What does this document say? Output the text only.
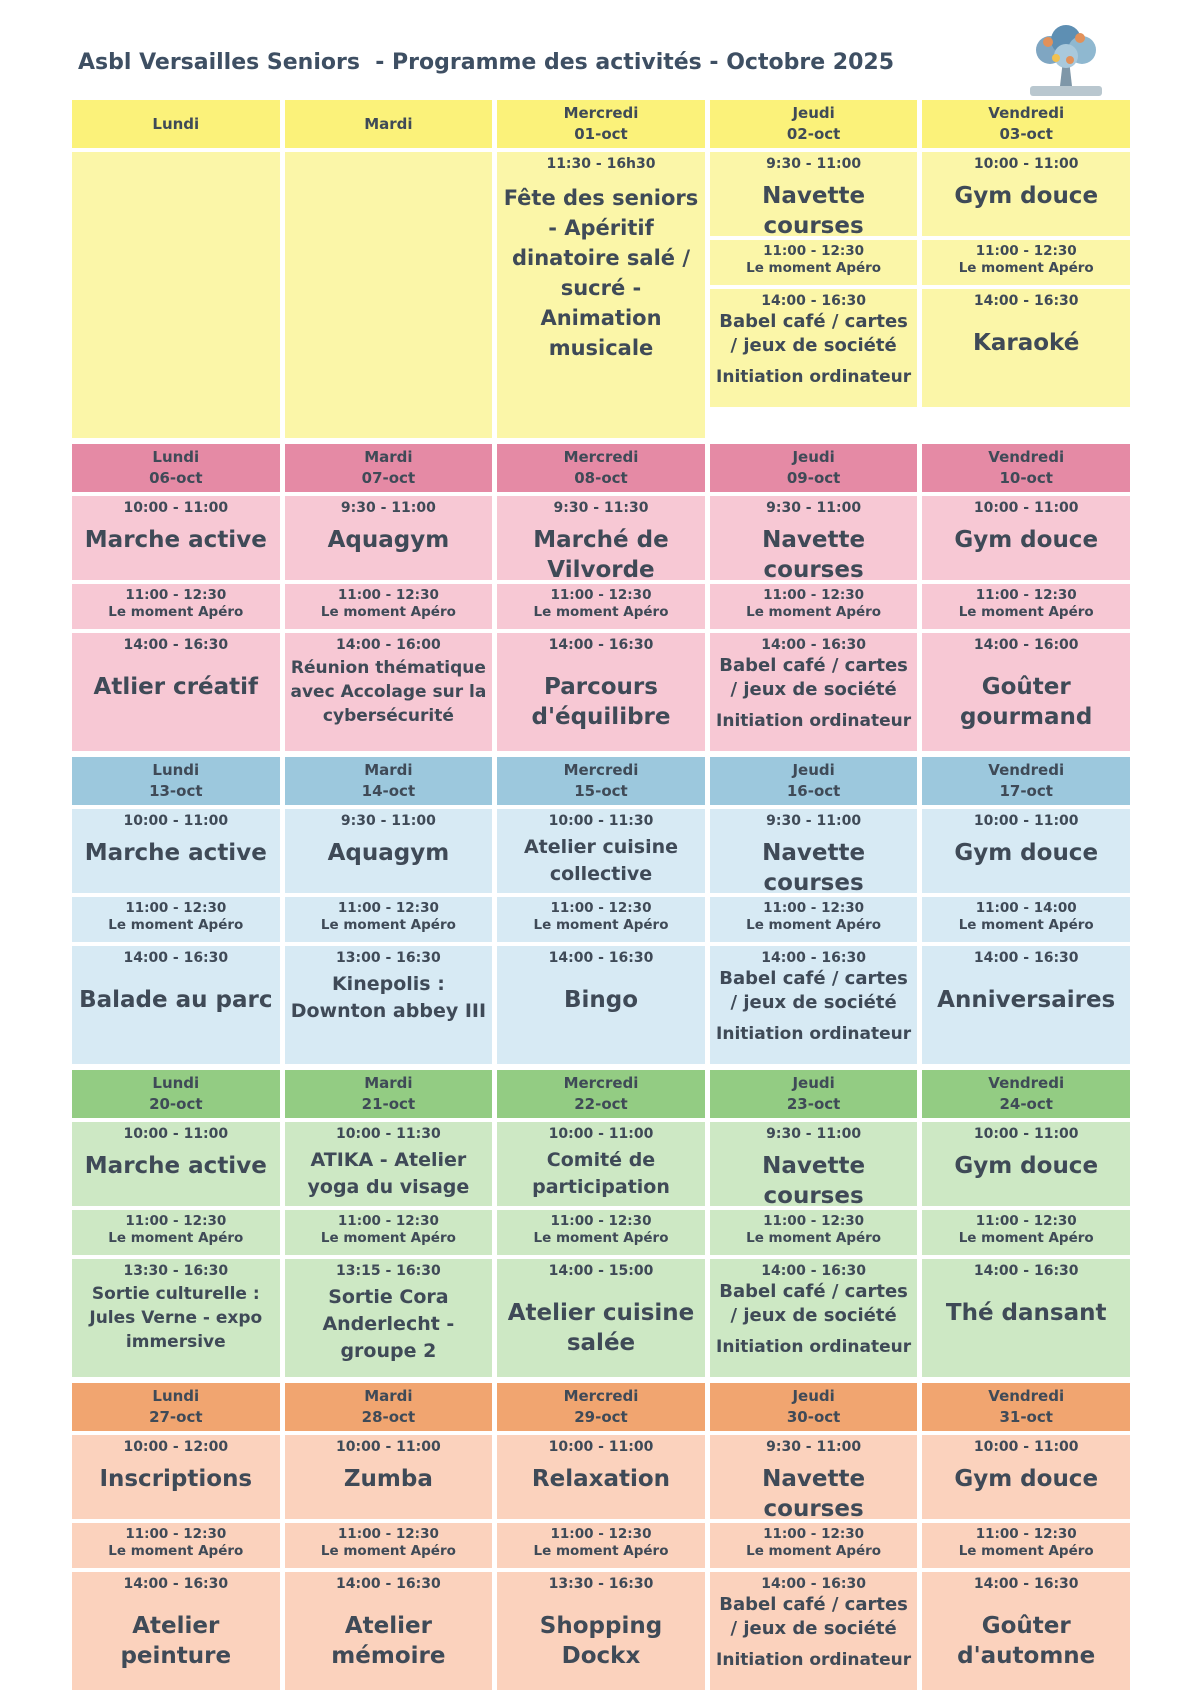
Asbl Versailles Seniors  - Programme des activités - Octobre 2025
Lundi	Mardi
Mercredi
01-oct
Jeudi
02-oct
Vendredi
03-oct
11:30 - 16h30
Fête des seniors - Apéritif dinatoire salé / sucré - Animation musicale
9:30 - 11:00
Navette courses
11:00 - 12:30
Le moment Apéro
14:00 - 16:30
Babel café / cartes / jeux de société
Initiation ordinateur
10:00 - 11:00
Gym douce
11:00 - 12:30
Le moment Apéro
14:00 - 16:30
Karaoké
Lundi
06-oct
Mardi
07-oct
Mercredi
08-oct
Jeudi
09-oct
Vendredi
10-oct
10:00 - 11:00
Marche active
11:00 - 12:30
Le moment Apéro
14:00 - 16:30
Atlier créatif
9:30 - 11:00
Aquagym
11:00 - 12:30
Le moment Apéro
14:00 - 16:00
Réunion thématique avec Accolage sur la cybersécurité
9:30 - 11:30
Marché de Vilvorde
11:00 - 12:30
Le moment Apéro
14:00 - 16:30
Parcours d'équilibre
9:30 - 11:00
Navette courses
11:00 - 12:30
Le moment Apéro
14:00 - 16:30
Babel café / cartes / jeux de société
Initiation ordinateur
10:00 - 11:00
Gym douce
11:00 - 12:30
Le moment Apéro
14:00 - 16:00
Goûter gourmand
Lundi
13-oct
Mardi
14-oct
Mercredi
15-oct
Jeudi
16-oct
Vendredi
17-oct
10:00 - 11:00
Marche active
11:00 - 12:30
Le moment Apéro
14:00 - 16:30
Balade au parc
9:30 - 11:00
Aquagym
11:00 - 12:30
Le moment Apéro
13:00 - 16:30
Kinepolis : Downton abbey III
10:00 - 11:30
Atelier cuisine collective
11:00 - 12:30
Le moment Apéro
14:00 - 16:30
Bingo
9:30 - 11:00
Navette courses
11:00 - 12:30
Le moment Apéro
14:00 - 16:30
Babel café / cartes / jeux de société
Initiation ordinateur
10:00 - 11:00
Gym douce
11:00 - 14:00
Le moment Apéro
14:00 - 16:30
Anniversaires
Lundi
20-oct
Mardi
21-oct
Mercredi
22-oct
Jeudi
23-oct
Vendredi
24-oct
10:00 - 11:00
Marche active
11:00 - 12:30
Le moment Apéro
13:30 - 16:30
Sortie culturelle : Jules Verne - expo immersive
10:00 - 11:30
ATIKA - Atelier yoga du visage
11:00 - 12:30
Le moment Apéro
13:15 - 16:30
Sortie Cora Anderlecht - groupe 2
10:00 - 11:00
Comité de participation
11:00 - 12:30
Le moment Apéro
14:00 - 15:00
Atelier cuisine salée
9:30 - 11:00
Navette courses
11:00 - 12:30
Le moment Apéro
14:00 - 16:30
Babel café / cartes / jeux de société
Initiation ordinateur
10:00 - 11:00
Gym douce
11:00 - 12:30
Le moment Apéro
14:00 - 16:30
Thé dansant
Lundi
27-oct
Mardi
28-oct
Mercredi
29-oct
Jeudi
30-oct
Vendredi
31-oct
10:00 - 12:00
Inscriptions
11:00 - 12:30
Le moment Apéro
14:00 - 16:30
Atelier peinture
10:00 - 11:00
Zumba
11:00 - 12:30
Le moment Apéro
14:00 - 16:30
Atelier mémoire
10:00 - 11:00
Relaxation
11:00 - 12:30
Le moment Apéro
13:30 - 16:30
Shopping Dockx
9:30 - 11:00
Navette courses
11:00 - 12:30
Le moment Apéro
14:00 - 16:30
Babel café / cartes / jeux de société
Initiation ordinateur
10:00 - 11:00
Gym douce
11:00 - 12:30
Le moment Apéro
14:00 - 16:30
Goûter d'automne
